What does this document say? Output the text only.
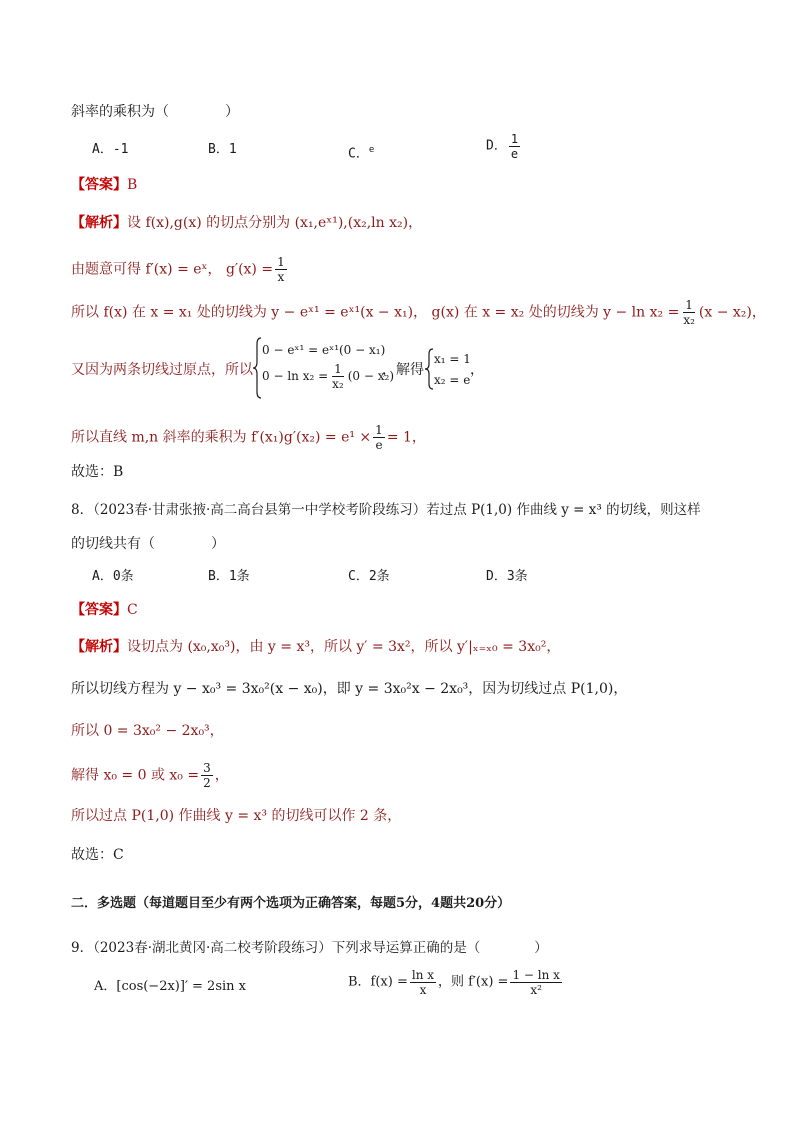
斜率的乘积为（　　　　）
A．-1	B．1	C．$^e$	D． $\frac{1}{e}$
【答案】B
【解析】设 f(x),g(x) 的切点分别为 (x₁,eˣ¹),(x₂,ln x₂)，
由题意可得 f′(x) = eˣ， $g'(x) = \frac{1}{x}$
所以 f(x) 在 x = x₁ 处的切线为 y − eˣ¹ = eˣ¹(x − x₁)， g(x) 在 x = x₂ 处的切线为 $y - \ln x_2 = \frac{1}{\text{x₂}} (x - x_2)$，
又因为两条切线过原点，所以
0 − eˣ¹ = eˣ¹(0 − x₁)
$0 - \ln x_2 = \frac{1}{\text{x₂}} (0 - x_2)$
，解得
x₁ = 1
x₂ = e
，
所以直线 m,n 斜率的乘积为 $f'(x_1)g'(x_2) = e^1 \times \frac{1}{e} = 1$，
故选：B
8．（2023春·甘肃张掖·高二高台县第一中学校考阶段练习）若过点 P(1,0) 作曲线 y = x³ 的切线，则这样
的切线共有（　　　　）
A．0条	B．1条	C．2条	D．3条
【答案】C
【解析】设切点为 (x₀,x₀³)，由 y = x³，所以 y′ = 3x²，所以 y′|ₓ₌ₓ₀ = 3x₀²，
所以切线方程为 y − x₀³ = 3x₀²(x − x₀)，即 y = 3x₀²x − 2x₀³，因为切线过点 P(1,0)，
所以 0 = 3x₀² − 2x₀³，
解得 x₀ = 0 或 $x_0 = \frac{3}{2}$ ，
所以过点 P(1,0) 作曲线 y = x³ 的切线可以作 2 条，
故选：C
二．多选题（每道题目至少有两个选项为正确答案，每题5分，4题共20分）
9．（2023春·湖北黄冈·高二校考阶段练习）下列求导运算正确的是（　　　　）
A．[cos(−2x)]′ = 2sin x	B．$f(x) = \frac{\text{ln x}}{x}$ ，则 $f'(x) = \frac{\text{1 − ln x}}{\text{x²}}$
